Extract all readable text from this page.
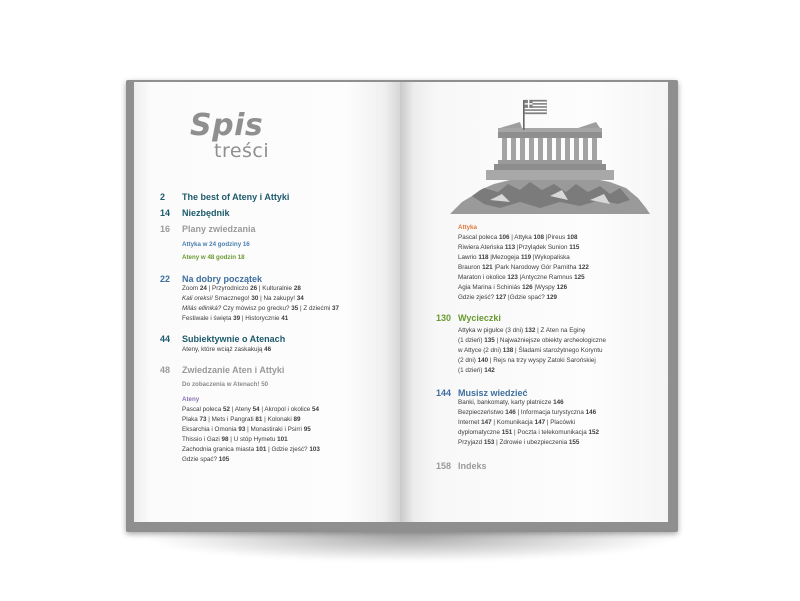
Spis
treści
2 The best of Ateny i Attyki
14 Niezbędnik
16 Plany zwiedzania
Attyka w 24 godziny 16
Ateny w 48 godzin 18
22 Na dobry początek
Zoom 24 | Przyrodniczo 26 | Kulturalnie 28
Kali oreksi! Smacznego! 30 | Na zakupy! 34
Milás elliniká? Czy mówisz po grecku? 35 | Z dziećmi 37
Festiwale i święta 39 | Historycznie 41
44 Subiektywnie o Atenach
Ateny, które wciąż zaskakują 46
48 Zwiedzanie Aten i Attyki
Do zobaczenia w Atenach! 50
Ateny
Pascal poleca 52 | Ateny 54 | Akropol i okolice 54
Plaka 73 | Mets i Pangrati 81 | Kolonaki 89
Eksarchia i Omonia 93 | Monastiraki i Psirri 95
Thissio i Gazi 98 | U stóp Hymetu 101
Zachodnia granica miasta 101 | Gdzie zjeść? 103
Gdzie spać? 105
Attyka
Pascal poleca 106 | Attyka 108 |Pireus 108
Riwiera Ateńska 113 |Przylądek Sunion 115
Lawrio 118 |Mezogeja 119 |Wykopaliska
Brauron 121 |Park Narodowy Gór Parnitha 122
Maraton i okolice 123 |Antyczne Ramnus 125
Agia Marina i Schiniás 126 |Wyspy 126
Gdzie zjeść? 127 |Gdzie spać? 129
130 Wycieczki
Attyka w pigułce (3 dni) 132 | Z Aten na Eginę
(1 dzień) 135 | Najważniejsze obiekty archeologiczne
w Attyce (2 dni) 138 | Śladami starożytnego Koryntu
(2 dni) 140 | Rejs na trzy wyspy Zatoki Sarońskiej
(1 dzień) 142
144 Musisz wiedzieć
Banki, bankomaty, karty płatnicze 146
Bezpieczeństwo 146 | Informacja turystyczna 146
Internet 147 | Komunikacja 147 | Placówki
dyplomatyczne 151 | Poczta i telekomunikacja 152
Przyjazd 153 | Zdrowie i ubezpieczenia 155
158 Indeks
